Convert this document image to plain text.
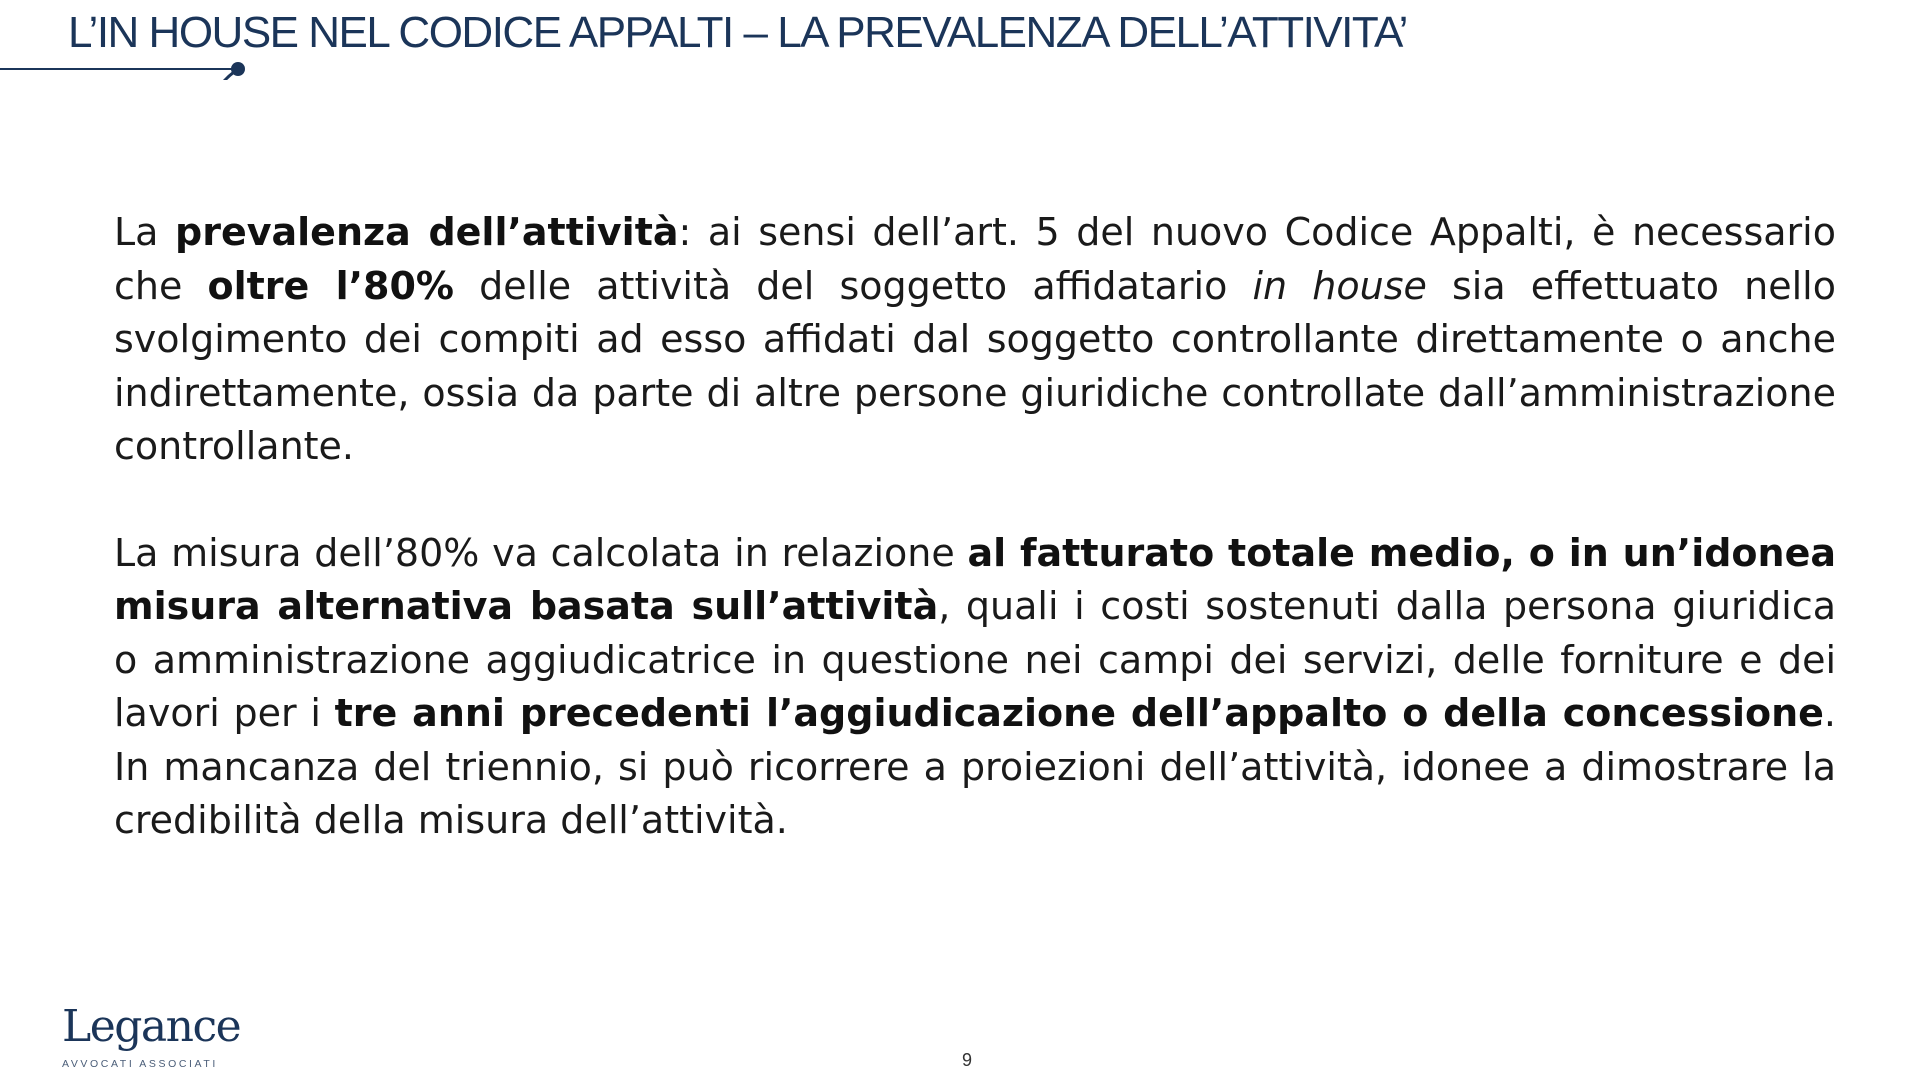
L’IN HOUSE NEL CODICE APPALTI – LA PREVALENZA DELL’ATTIVITA’

La prevalenza dell’attività: ai sensi dell’art. 5 del nuovo Codice Appalti, è necessario che oltre l’80% delle attività del soggetto affidatario in house sia effettuato nello svolgimento dei compiti ad esso affidati dal soggetto controllante direttamente o anche indirettamente, ossia da parte di altre persone giuridiche controllate dall’amministrazione controllante.

La misura dell’80% va calcolata in relazione al fatturato totale medio, o in un’idonea misura alternativa basata sull’attività, quali i costi sostenuti dalla persona giuridica o amministrazione aggiudicatrice in questione nei campi dei servizi, delle forniture e dei lavori per i tre anni precedenti l’aggiudicazione dell’appalto o della concessione. In mancanza del triennio, si può ricorrere a proiezioni dell’attività, idonee a dimostrare la credibilità della misura dell’attività.

Legance
AVVOCATI ASSOCIATI	9
